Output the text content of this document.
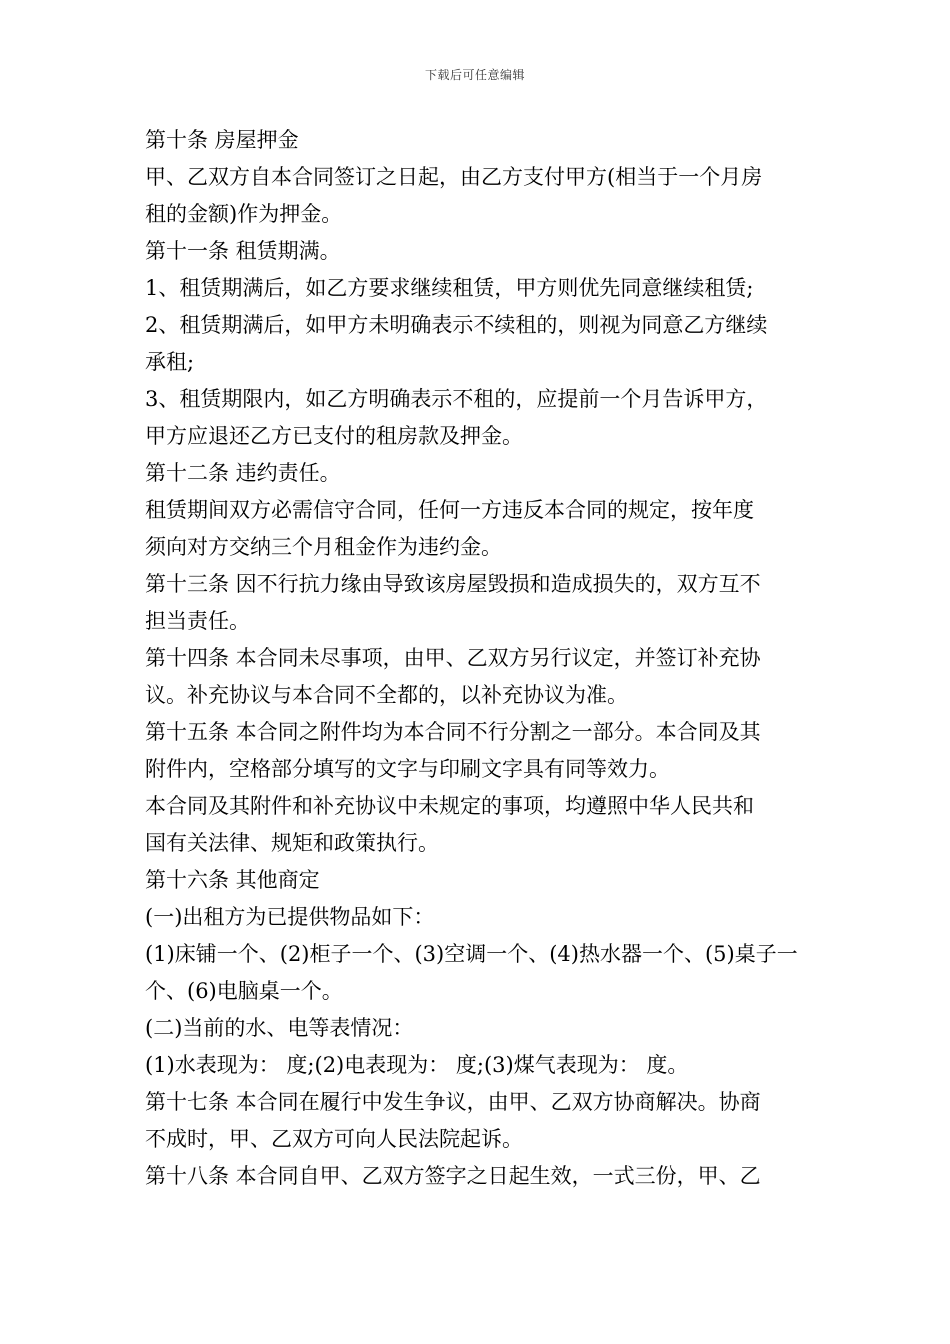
下载后可任意编辑
第十条 房屋押金
甲、乙双方自本合同签订之日起，由乙方支付甲方(相当于一个月房
租的金额)作为押金。
第十一条 租赁期满。
1、租赁期满后，如乙方要求继续租赁，甲方则优先同意继续租赁;
2、租赁期满后，如甲方未明确表示不续租的，则视为同意乙方继续
承租;
3、租赁期限内，如乙方明确表示不租的，应提前一个月告诉甲方，
甲方应退还乙方已支付的租房款及押金。
第十二条 违约责任。
租赁期间双方必需信守合同，任何一方违反本合同的规定，按年度
须向对方交纳三个月租金作为违约金。
第十三条 因不行抗力缘由导致该房屋毁损和造成损失的，双方互不
担当责任。
第十四条 本合同未尽事项，由甲、乙双方另行议定，并签订补充协
议。补充协议与本合同不全都的，以补充协议为准。
第十五条 本合同之附件均为本合同不行分割之一部分。本合同及其
附件内，空格部分填写的文字与印刷文字具有同等效力。
本合同及其附件和补充协议中未规定的事项，均遵照中华人民共和
国有关法律、规矩和政策执行。
第十六条 其他商定
(一)出租方为已提供物品如下：
(1)床铺一个、(2)柜子一个、(3)空调一个、(4)热水器一个、(5)桌子一
个、(6)电脑桌一个。
(二)当前的水、电等表情况：
(1)水表现为： 度;(2)电表现为： 度;(3)煤气表现为： 度。
第十七条 本合同在履行中发生争议，由甲、乙双方协商解决。协商
不成时，甲、乙双方可向人民法院起诉。
第十八条 本合同自甲、乙双方签字之日起生效，一式三份，甲、乙
